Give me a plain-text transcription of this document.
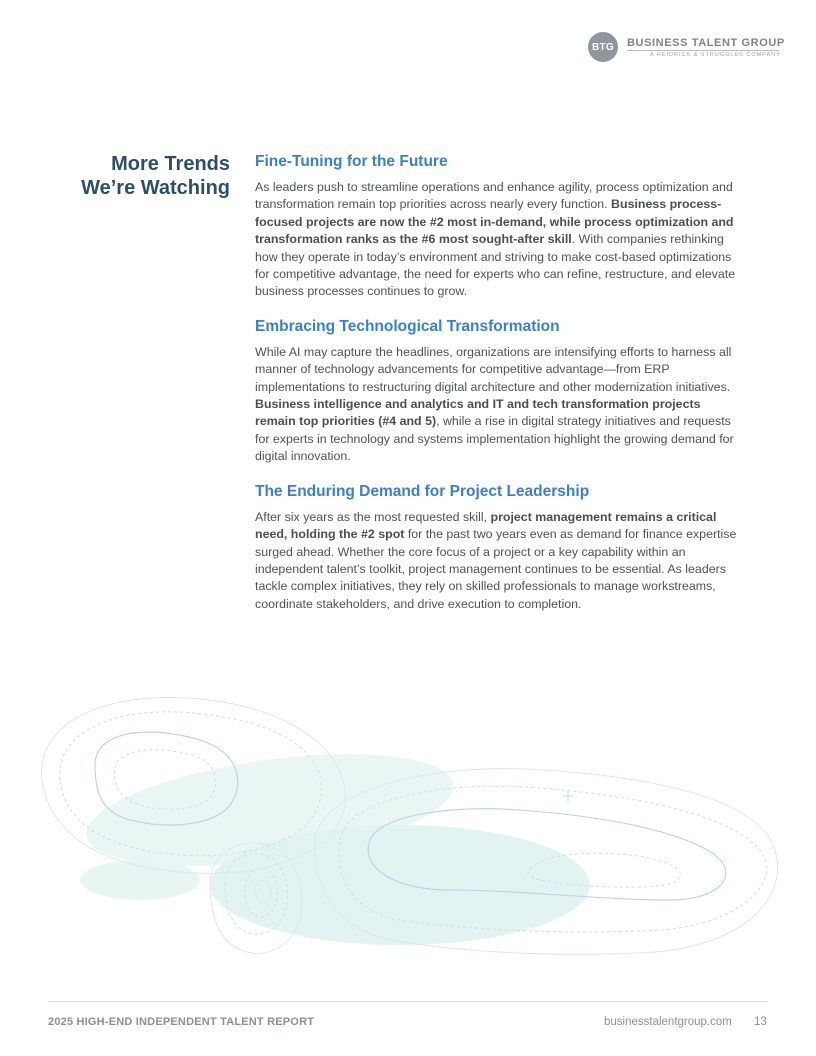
BTG	BUSINESS TALENT GROUP
A HEIDRICK & STRUGGLES COMPANY
More Trends
We’re Watching
Fine-Tuning for the Future

As leaders push to streamline operations and enhance agility, process optimization and transformation remain top priorities across nearly every function. Business process-focused projects are now the #2 most in-demand, while process optimization and transformation ranks as the #6 most sought-after skill. With companies rethinking how they operate in today’s environment and striving to make cost-based optimizations for competitive advantage, the need for experts who can refine, restructure, and elevate business processes continues to grow.

Embracing Technological Transformation

While AI may capture the headlines, organizations are intensifying efforts to harness all manner of technology advancements for competitive advantage—from ERP implementations to restructuring digital architecture and other modernization initiatives. Business intelligence and analytics and IT and tech transformation projects remain top priorities (#4 and 5), while a rise in digital strategy initiatives and requests for experts in technology and systems implementation highlight the growing demand for digital innovation.

The Enduring Demand for Project Leadership

After six years as the most requested skill, project management remains a critical need, holding the #2 spot for the past two years even as demand for finance expertise surged ahead. Whether the core focus of a project or a key capability within an independent talent’s toolkit, project management continues to be essential. As leaders tackle complex initiatives, they rely on skilled professionals to manage workstreams, coordinate stakeholders, and drive execution to completion.

2025 HIGH-END INDEPENDENT TALENT REPORT	businesstalentgroup.com 13
